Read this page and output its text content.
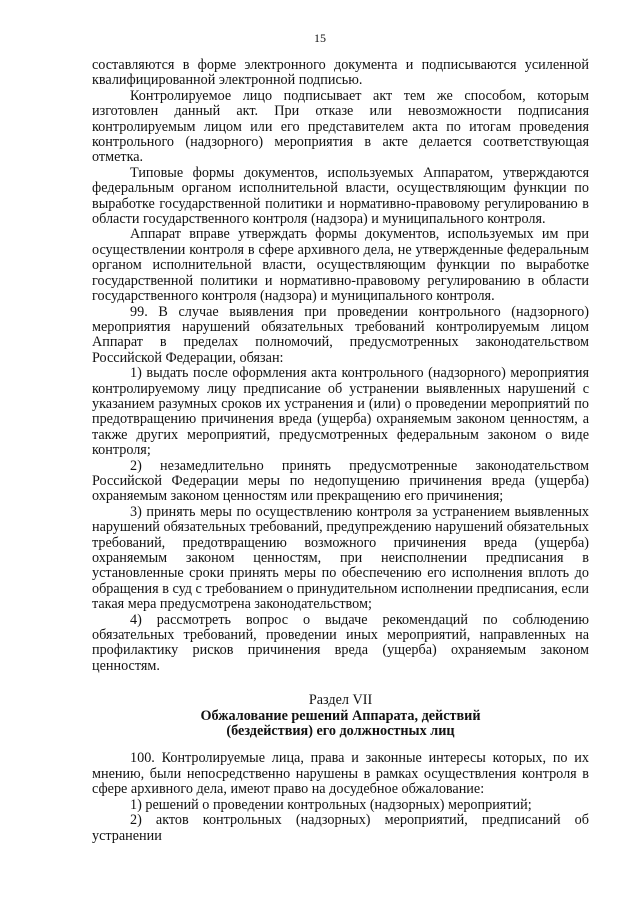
15

составляются в форме электронного документа и подписываются усиленной квалифицированной электронной подписью.

Контролируемое лицо подписывает акт тем же способом, которым изготовлен данный акт. При отказе или невозможности подписания контролируемым лицом или его представителем акта по итогам проведения контрольного (надзорного) мероприятия в акте делается соответствующая отметка.

Типовые формы документов, используемых Аппаратом, утверждаются федеральным органом исполнительной власти, осуществляющим функции по выработке государственной политики и нормативно-правовому регулированию в области государственного контроля (надзора) и муниципального контроля.

Аппарат вправе утверждать формы документов, используемых им при осуществлении контроля в сфере архивного дела, не утвержденные федеральным органом исполнительной власти, осуществляющим функции по выработке государственной политики и нормативно-правовому регулированию в области государственного контроля (надзора) и муниципального контроля.

99. В случае выявления при проведении контрольного (надзорного) мероприятия нарушений обязательных требований контролируемым лицом Аппарат в пределах полномочий, предусмотренных законодательством Российской Федерации, обязан:

1) выдать после оформления акта контрольного (надзорного) мероприятия контролируемому лицу предписание об устранении выявленных нарушений с указанием разумных сроков их устранения и (или) о проведении мероприятий по предотвращению причинения вреда (ущерба) охраняемым законом ценностям, а также других мероприятий, предусмотренных федеральным законом о виде контроля;

2) незамедлительно принять предусмотренные законодательством Российской Федерации меры по недопущению причинения вреда (ущерба) охраняемым законом ценностям или прекращению его причинения;

3) принять меры по осуществлению контроля за устранением выявленных нарушений обязательных требований, предупреждению нарушений обязательных требований, предотвращению возможного причинения вреда (ущерба) охраняемым законом ценностям, при неисполнении предписания в установленные сроки принять меры по обеспечению его исполнения вплоть до обращения в суд с требованием о принудительном исполнении предписания, если такая мера предусмотрена законодательством;

4) рассмотреть вопрос о выдаче рекомендаций по соблюдению обязательных требований, проведении иных мероприятий, направленных на профилактику рисков причинения вреда (ущерба) охраняемым законом ценностям.

Раздел VII
Обжалование решений Аппарата, действий
(бездействия) его должностных лиц

100. Контролируемые лица, права и законные интересы которых, по их мнению, были непосредственно нарушены в рамках осуществления контроля в сфере архивного дела, имеют право на досудебное обжалование:

1) решений о проведении контрольных (надзорных) мероприятий;

2) актов контрольных (надзорных) мероприятий, предписаний об устранении
